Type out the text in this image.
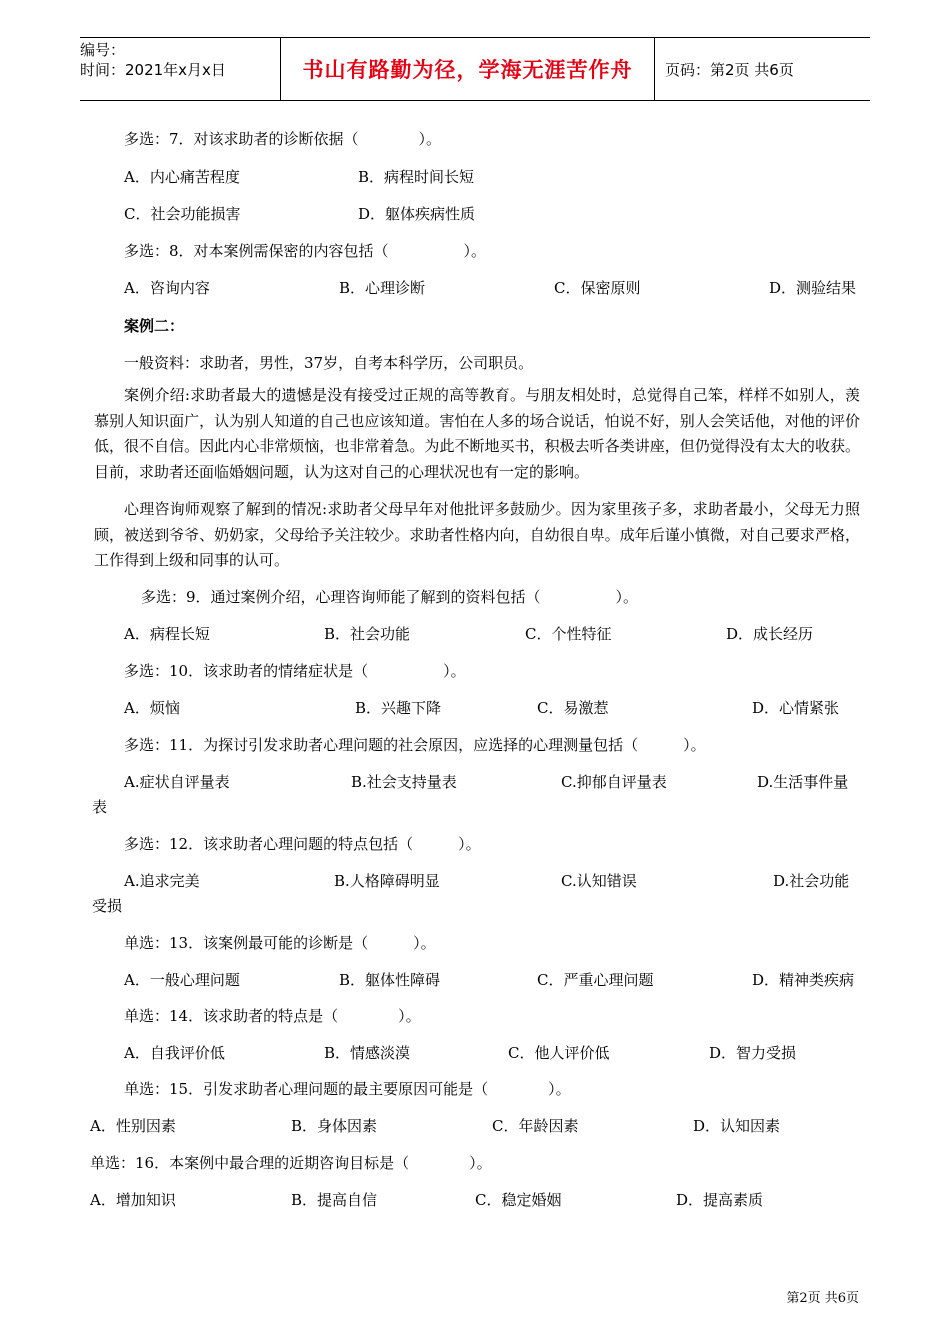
编号：
时间：2021年x月x日	书山有路勤为径，学海无涯苦作舟	页码：第2页 共6页
多选：7．对该求助者的诊断依据（　　　　）。
A．内心痛苦程度	B．病程时间长短
C．社会功能损害	D．躯体疾病性质
多选：8．对本案例需保密的内容包括（　　　　　）。
A．咨询内容	B．心理诊断	C．保密原则	D．测验结果
案例二：
一般资料：求助者，男性，37岁，自考本科学历，公司职员。
案例介绍:求助者最大的遗憾是没有接受过正规的高等教育。与朋友相处时，总觉得自己笨，样样不如别人，羡慕别人知识面广，认为别人知道的自己也应该知道。害怕在人多的场合说话，怕说不好，别人会笑话他，对他的评价低，很不自信。因此内心非常烦恼，也非常着急。为此不断地买书，积极去听各类讲座，但仍觉得没有太大的收获。目前，求助者还面临婚姻问题，认为这对自己的心理状况也有一定的影响。
心理咨询师观察了解到的情况:求助者父母早年对他批评多鼓励少。因为家里孩子多，求助者最小，父母无力照顾，被送到爷爷、奶奶家，父母给予关注较少。求助者性格内向，自幼很自卑。成年后谨小慎微，对自己要求严格，工作得到上级和同事的认可。
多选：9．通过案例介绍，心理咨询师能了解到的资料包括（　　　　　）。
A．病程长短	B．社会功能	C．个性特征	D．成长经历
多选：10．该求助者的情绪症状是（　　　　　）。
A．烦恼	B．兴趣下降	C．易激惹	D．心情紧张
多选：11．为探讨引发求助者心理问题的社会原因，应选择的心理测量包括（　　　）。
A.症状自评量表	B.社会支持量表	C.抑郁自评量表	D.生活事件量
表
多选：12．该求助者心理问题的特点包括（　　　）。
A.追求完美	B.人格障碍明显	C.认知错误	D.社会功能
受损
单选：13．该案例最可能的诊断是（　　　）。
A．一般心理问题	B．躯体性障碍	C．严重心理问题	D．精神类疾病
单选：14．该求助者的特点是（　　　　）。
A．自我评价低	B．情感淡漠	C．他人评价低	D．智力受损
单选：15．引发求助者心理问题的最主要原因可能是（　　　　）。
A．性别因素	B．身体因素	C．年龄因素	D．认知因素
单选：16．本案例中最合理的近期咨询目标是（　　　　）。
A．增加知识	B．提高自信	C．稳定婚姻	D．提高素质
第2页 共6页
